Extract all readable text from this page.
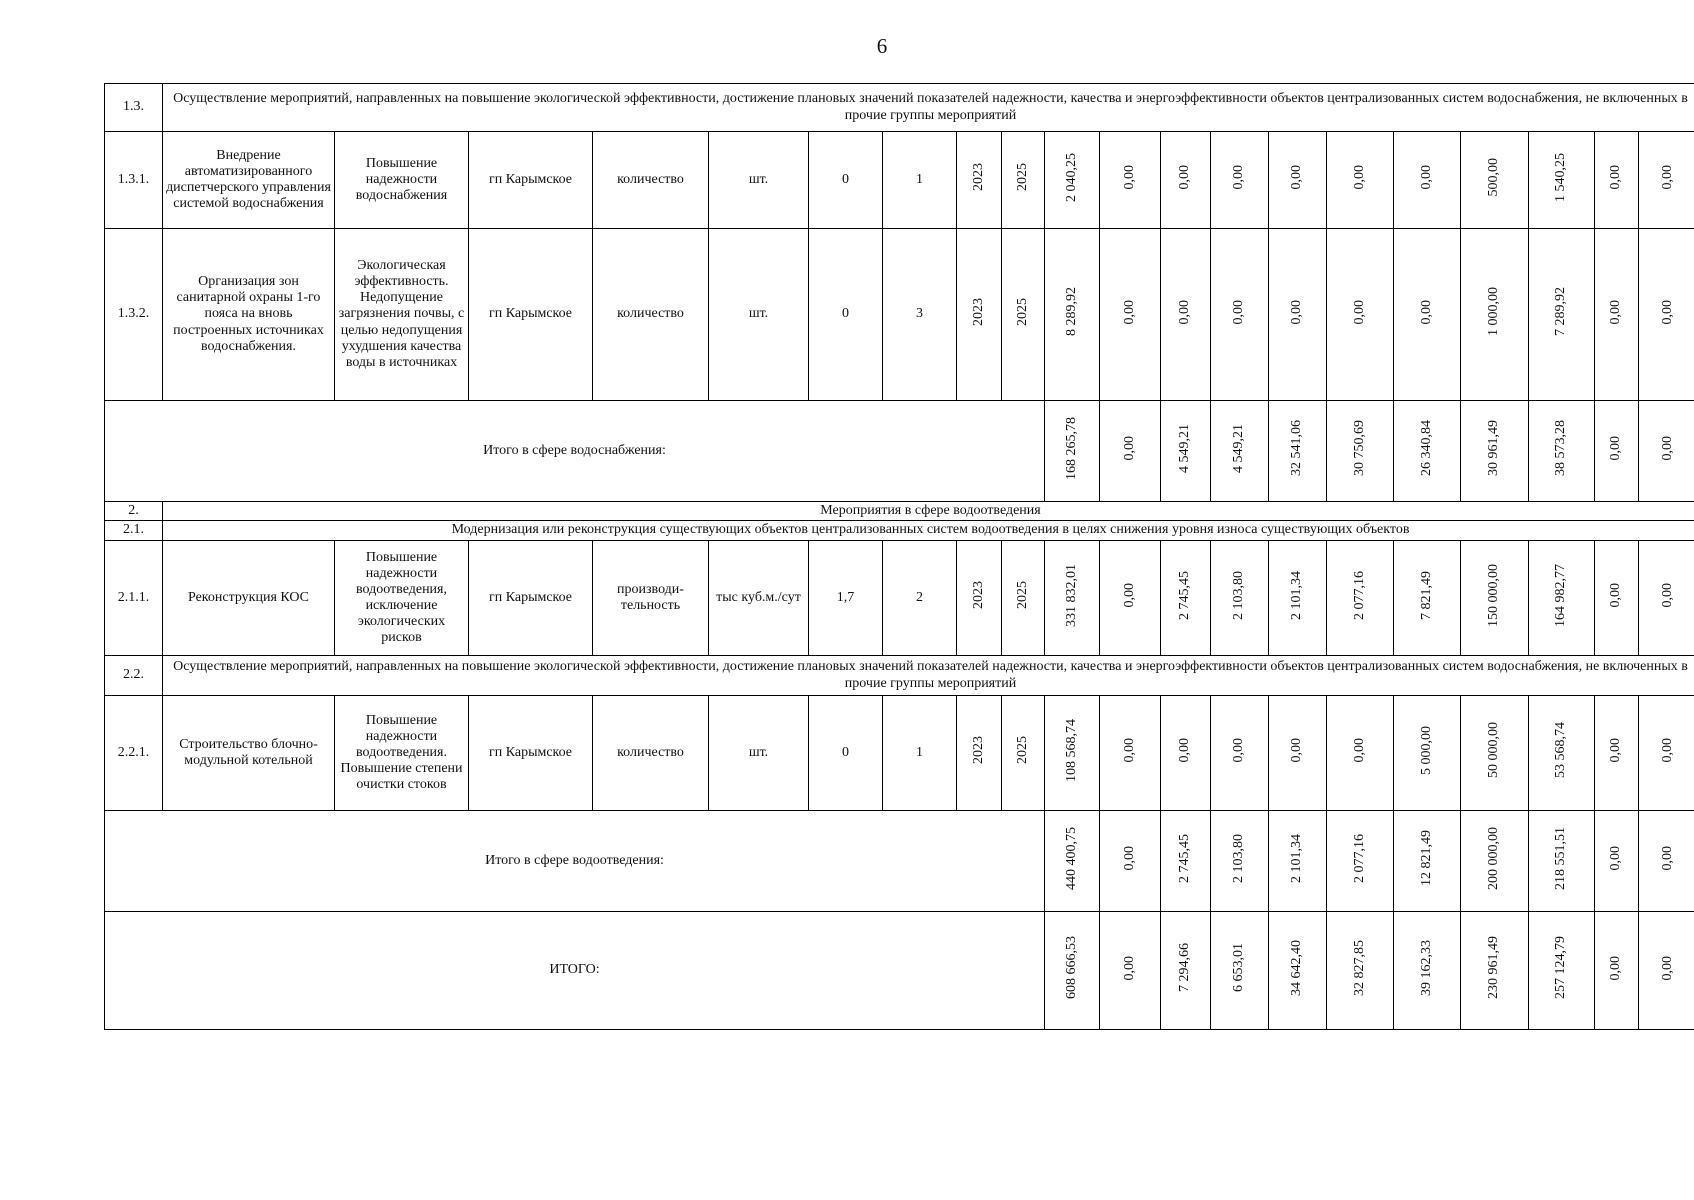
6
1.3.	Осуществление мероприятий, направленных на повышение экологической эффективности, достижение плановых значений показателей надежности, качества и энергоэффективности объектов централизованных систем водоснабжения, не включенных в прочие группы мероприятий																			
1.3.1.	Внедрение автоматизированного диспетчерского управления системой водоснабжения	Повышение надежности водоснабжения	гп Карымское	количество	шт.	0	1	2023	2025	2 040,25	0,00	0,00	0,00	0,00	0,00	0,00	500,00	1 540,25	0,00	0,00
1.3.2.	Организация зон санитарной охраны 1-го пояса на вновь построенных источниках водоснабжения.	Экологическая эффективность. Недопущение загрязнения почвы, с целью недопущения ухудшения качества воды в источниках	гп Карымское	количество	шт.	0	3	2023	2025	8 289,92	0,00	0,00	0,00	0,00	0,00	0,00	1 000,00	7 289,92	0,00	0,00
Итого в сфере водоснабжения:										168 265,78	0,00	4 549,21	4 549,21	32 541,06	30 750,69	26 340,84	30 961,49	38 573,28	0,00	0,00
2.	Мероприятия в сфере водоотведения																			
2.1.	Модернизация или реконструкция существующих объектов централизованных систем водоотведения в целях снижения уровня износа существующих объектов																			
2.1.1.	Реконструкция КОС	Повышение надежности водоотведения, исключение экологических рисков	гп Карымское	производи-тельность	тыс куб.м./сут	1,7	2	2023	2025	331 832,01	0,00	2 745,45	2 103,80	2 101,34	2 077,16	7 821,49	150 000,00	164 982,77	0,00	0,00
2.2.	Осуществление мероприятий, направленных на повышение экологической эффективности, достижение плановых значений показателей надежности, качества и энергоэффективности объектов централизованных систем водоснабжения, не включенных в прочие группы мероприятий																			
2.2.1.	Строительство блочно-модульной котельной	Повышение надежности водоотведения. Повышение степени очистки стоков	гп Карымское	количество	шт.	0	1	2023	2025	108 568,74	0,00	0,00	0,00	0,00	0,00	5 000,00	50 000,00	53 568,74	0,00	0,00
Итого в сфере водоотведения:										440 400,75	0,00	2 745,45	2 103,80	2 101,34	2 077,16	12 821,49	200 000,00	218 551,51	0,00	0,00
ИТОГО:										608 666,53	0,00	7 294,66	6 653,01	34 642,40	32 827,85	39 162,33	230 961,49	257 124,79	0,00	0,00
